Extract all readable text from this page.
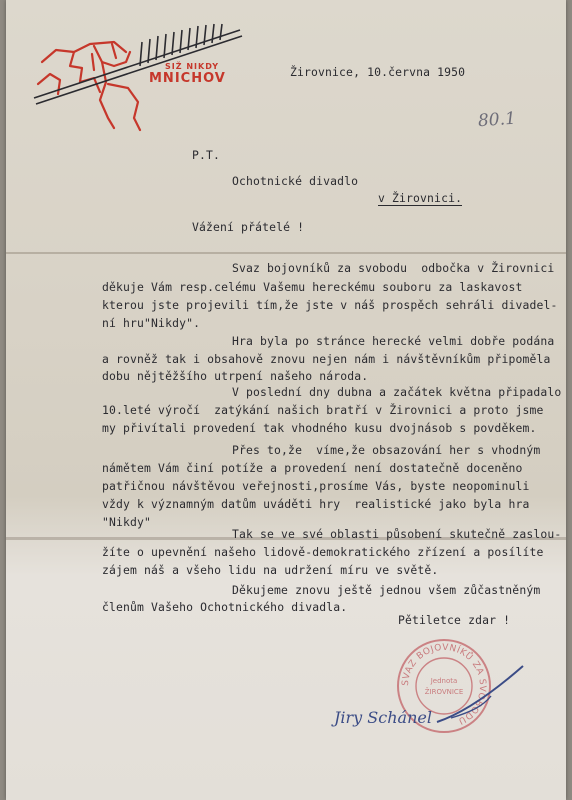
SIŽ NIKDY
MNICHOV	Žirovnice, 10.června 1950
80.1
P.T.
Ochotnické divadlo
v Žirovnici.
Vážení přátelé !
Svaz bojovníků za svobodu  odbočka v Žirovnici
děkuje Vám resp.celému Vašemu hereckému souboru za laskavost
kterou jste projevili tím,že jste v náš prospěch sehráli divadel-
ní hru"Nikdy".
Hra byla po stránce herecké velmi dobře podána
a rovněž tak i obsahově znovu nejen nám i návštěvníkům připoměla
dobu nějtěžšího utrpení našeho národa.
V poslední dny dubna a začátek května připadalo
10.leté výročí  zatýkání našich bratří v Žirovnici a proto jsme
my přivítali provedení tak vhodného kusu dvojnásob s povděkem.
Přes to,že  víme,že obsazování her s vhodným
námětem Vám činí potíže a provedení není dostatečně doceněno
patřičnou návštěvou veřejnosti,prosíme Vás, byste neopominuli
vždy k významným datům uváděti hry  realistické jako byla hra
"Nikdy"
Tak se ve své oblasti působení skutečně zaslou-
žíte o upevnění našeho lidově-demokratického zřízení a posílíte
zájem náš a všeho lidu na udržení míru ve světě.
Děkujeme znovu ještě jednou všem zůčastněným
členům Vašeho Ochotnického divadla.
Pětiletce zdar !
SVAZ BOJOVNÍKŮ ZA SVOBODU
Jednota
ŽIROVNICE
Jiry Schánel
